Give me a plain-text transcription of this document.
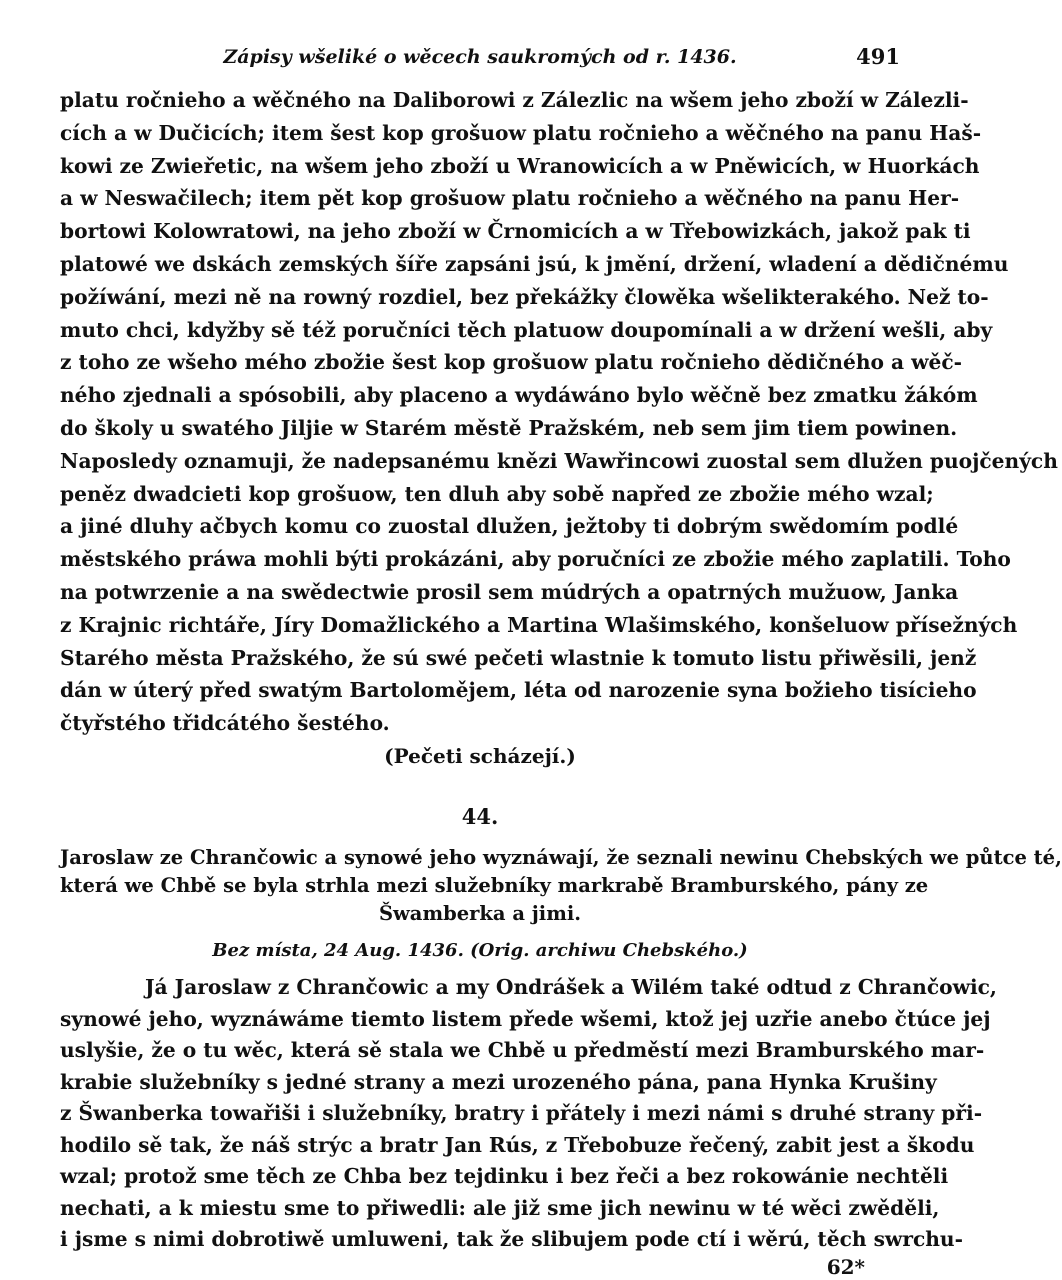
Zápisy wšeliké o wěcech saukromých od r. 1436.	491
platu ročnieho a wěčného na Daliborowi z Zálezlic na wšem jeho zboží w Zálezli-
cích a w Dučicích; item šest kop grošuow platu ročnieho a wěčného na panu Haš-
kowi ze Zwieřetic, na wšem jeho zboží u Wranowicích a w Pněwicích, w Huorkách
a w Neswačilech; item pět kop grošuow platu ročnieho a wěčného na panu Her-
bortowi Kolowratowi, na jeho zboží w Črnomicích a w Třebowizkách, jakož pak ti
platowé we dskách zemských šíře zapsáni jsú, k jmění, držení, wladení a dědičnému
požíwání, mezi ně na rowný rozdiel, bez překážky člowěka wšelikterakého. Než to-
muto chci, kdyžby sě též poručníci těch platuow doupomínali a w držení wešli, aby
z toho ze wšeho mého zbožie šest kop grošuow platu ročnieho dědičného a wěč-
ného zjednali a spósobili, aby placeno a wydáwáno bylo wěčně bez zmatku žákóm
do školy u swatého Jiljie w Starém městě Pražském, neb sem jim tiem powinen.
Naposledy oznamuji, že nadepsanému knězi Wawřincowi zuostal sem dlužen puojčených
peněz dwadcieti kop grošuow, ten dluh aby sobě napřed ze zbožie mého wzal;
a jiné dluhy ačbych komu co zuostal dlužen, ježtoby ti dobrým swědomím podlé
městského práwa mohli býti prokázáni, aby poručníci ze zbožie mého zaplatili. Toho
na potwrzenie a na swědectwie prosil sem múdrých a opatrných mužuow, Janka
z Krajnic richtáře, Jíry Domažlického a Martina Wlašimského, konšeluow přísežných
Starého města Pražského, že sú swé pečeti wlastnie k tomuto listu přiwěsili, jenž
dán w úterý před swatým Bartolomějem, léta od narozenie syna božieho tisícieho
čtyřstého třidcátého šestého.
(Pečeti scházejí.)
44.
Jaroslaw ze Chrančowic a synowé jeho wyznáwají, že seznali newinu Chebských we půtce té,
která we Chbě se byla strhla mezi služebníky markrabě Bramburského, pány ze
Šwamberka a jimi.
Bez místa, 24 Aug. 1436. (Orig. archiwu Chebského.)
Já Jaroslaw z Chrančowic a my Ondrášek a Wilém také odtud z Chrančowic,
synowé jeho, wyznáwáme tiemto listem přede wšemi, ktož jej uzřie anebo čtúce jej
uslyšie, že o tu wěc, která sě stala we Chbě u předměstí mezi Bramburského mar-
krabie služebníky s jedné strany a mezi urozeného pána, pana Hynka Krušiny
z Šwanberka towařiši i služebníky, bratry i přátely i mezi námi s druhé strany při-
hodilo sě tak, že náš strýc a bratr Jan Rús, z Třebobuze řečený, zabit jest a škodu
wzal; protož sme těch ze Chba bez tejdinku i bez řeči a bez rokowánie nechtěli
nechati, a k miestu sme to přiwedli: ale již sme jich newinu w té wěci zwěděli,
i jsme s nimi dobrotiwě umluweni, tak že slibujem pode ctí i wěrú, těch swrchu-
62*
